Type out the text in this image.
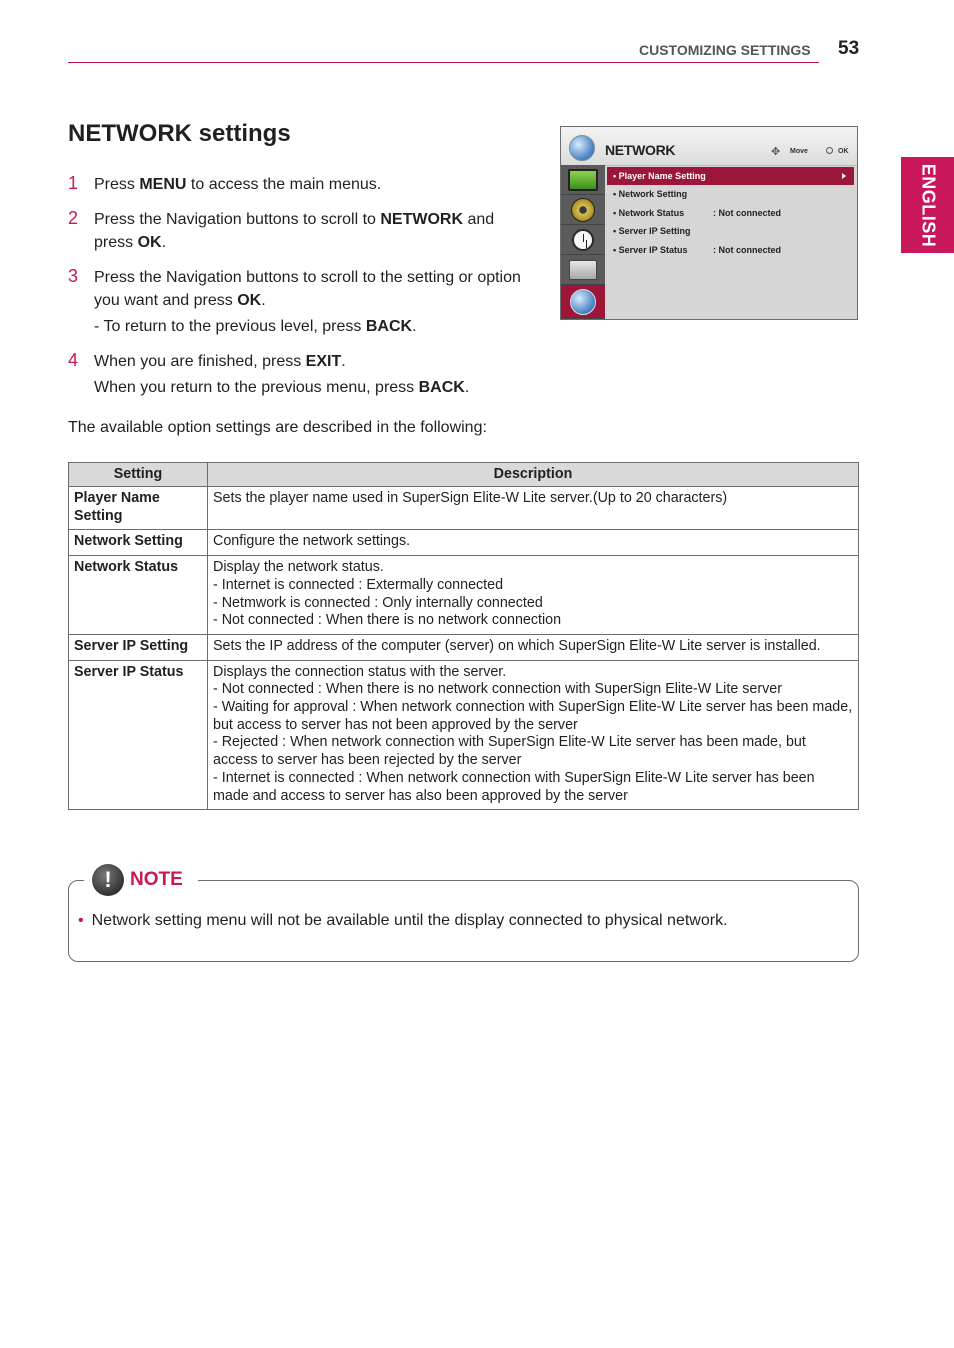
CUSTOMIZING SETTINGS 53
ENGLISH
NETWORK settings
1 Press MENU to access the main menus.

2 Press the Navigation buttons to scroll to NETWORK and press OK.

3 Press the Navigation buttons to scroll to the setting or option you want and press OK.

- To return to the previous level, press BACK.

4 When you are finished, press EXIT.

When you return to the previous menu, press BACK.

The available option settings are described in the following:
NETWORK	✥ Move	OK
• Player Name Setting
• Network Setting
• Network Status	: Not connected
• Server IP Setting
• Server IP Status	: Not connected
Setting	Description
Player Name Setting	Sets the player name used in SuperSign Elite-W Lite server.(Up to 20 characters)

Network Setting	Configure the network settings.

Network Status	Display the network status.
- Internet is connected : Extermally connected
- Netmwork is connected : Only internally connected
- Not connected : When there is no network connection

Server IP Setting	Sets the IP address of the computer (server) on which SuperSign Elite-W Lite server is installed.

Server IP Status	Displays the connection status with the server.
- Not connected : When there is no network connection with SuperSign Elite-W Lite server
- Waiting for approval : When network connection with SuperSign Elite-W Lite server has been made, but access to server has not been approved by the server
- Rejected : When network connection with SuperSign Elite-W Lite server has been made, but access to server has been rejected by the server
- Internet is connected : When network connection with SuperSign Elite-W Lite server has been made and access to server has also been approved by the server
! NOTE
• Network setting menu will not be available until the display connected to physical network.
